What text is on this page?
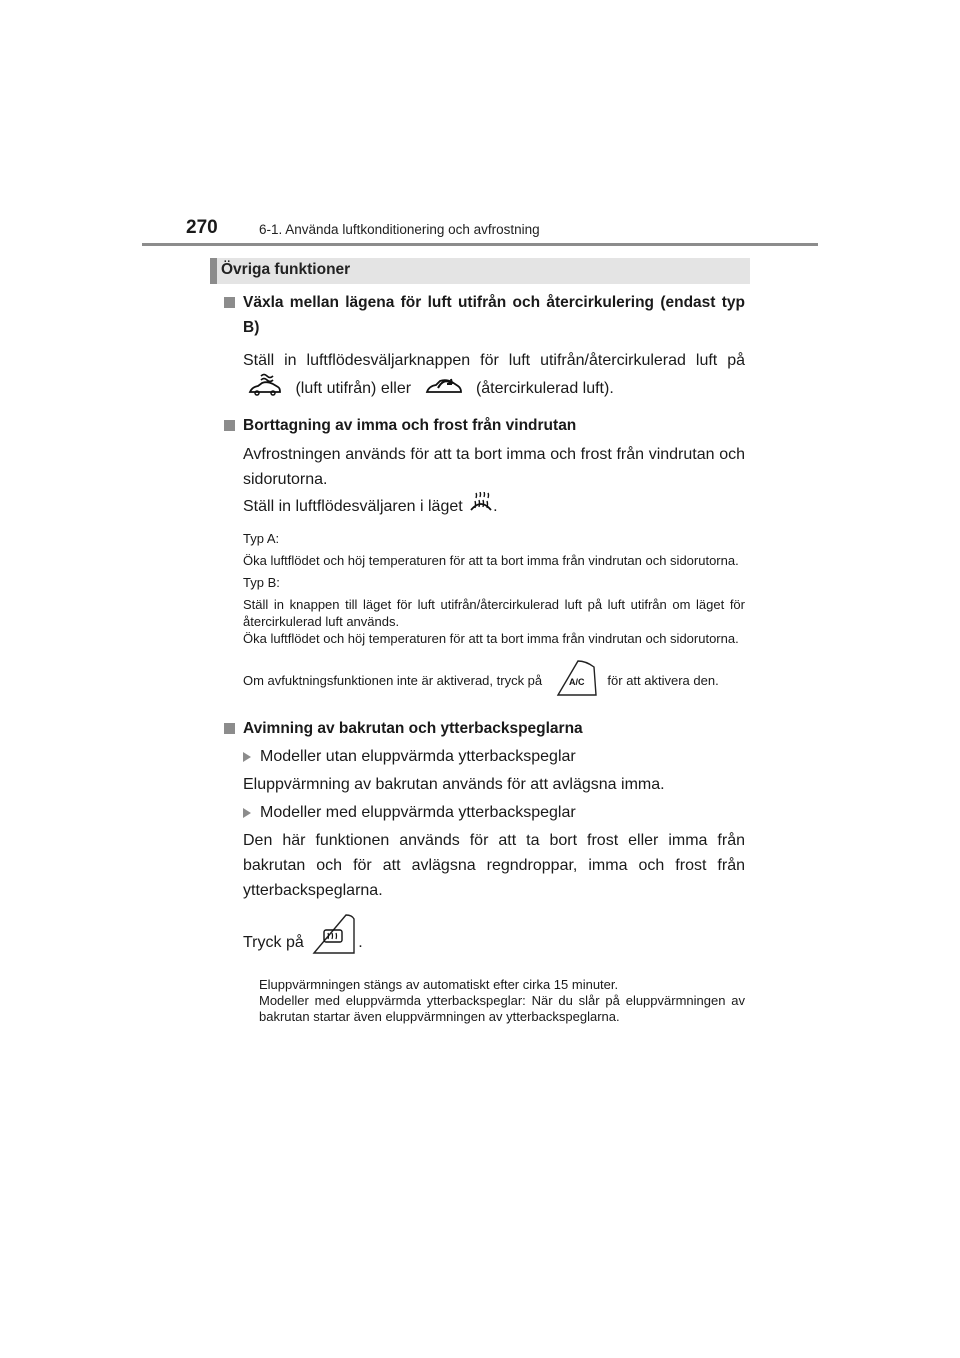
270	6-1. Använda luftkonditionering och avfrostning
Övriga funktioner
Växla mellan lägena för luft utifrån och återcirkulering (endast typ B)
Ställ in luftflödesväljarknappen för luft utifrån/återcirkulerad luft på  (luft utifrån) eller	(återcirkulerad luft).
Borttagning av imma och frost från vindrutan
Avfrostningen används för att ta bort imma och frost från vindrutan och sidorutorna.
Ställ in luftflödesväljaren i läget .
Typ A:
Öka luftflödet och höj temperaturen för att ta bort imma från vindrutan och sidorutorna.
Typ B:
Ställ in knappen till läget för luft utifrån/återcirkulerad luft på luft utifrån om läget för återcirkulerad luft används.
Öka luftflödet och höj temperaturen för att ta bort imma från vindrutan och sidorutorna.
Om avfuktningsfunktionen inte är aktiverad, tryck på	A/C för att aktivera den.
Avimning av bakrutan och ytterbackspeglarna
Modeller utan eluppvärmda ytterbackspeglar
Eluppvärmning av bakrutan används för att avlägsna imma.
Modeller med eluppvärmda ytterbackspeglar
Den här funktionen används för att ta bort frost eller imma från bakrutan och för att avlägsna regndroppar, imma och frost från ytterbackspeglarna.
Tryck på	.
Eluppvärmningen stängs av automatiskt efter cirka 15 minuter.
Modeller med eluppvärmda ytterbackspeglar: När du slår på eluppvärmningen av bakrutan startar även eluppvärmningen av ytterbackspeglarna.
